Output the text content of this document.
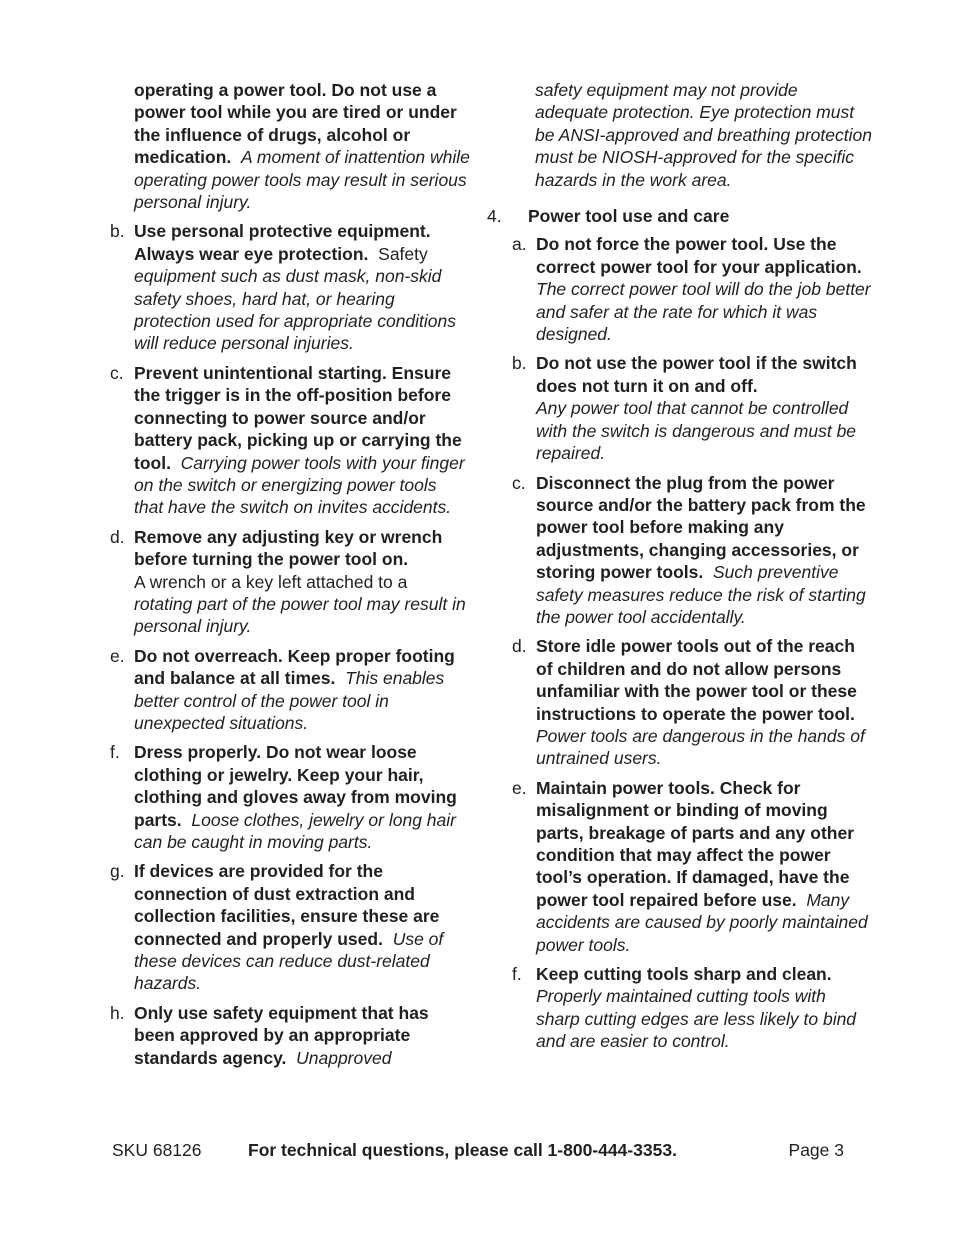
operating a power tool. Do not use a power tool while you are tired or under the influence of drugs, alcohol or medication. A moment of inattention while operating power tools may result in serious personal injury.
b. Use personal protective equipment. Always wear eye protection. Safety equipment such as dust mask, non-skid safety shoes, hard hat, or hearing protection used for appropriate conditions will reduce personal injuries.
c. Prevent unintentional starting. Ensure the trigger is in the off-position before connecting to power source and/or battery pack, picking up or carrying the tool. Carrying power tools with your finger on the switch or energizing power tools that have the switch on invites accidents.
d. Remove any adjusting key or wrench before turning the power tool on.
A wrench or a key left attached to a rotating part of the power tool may result in personal injury.
e. Do not overreach. Keep proper footing and balance at all times. This enables better control of the power tool in unexpected situations.
f. Dress properly. Do not wear loose clothing or jewelry. Keep your hair, clothing and gloves away from moving parts. Loose clothes, jewelry or long hair can be caught in moving parts.
g. If devices are provided for the connection of dust extraction and collection facilities, ensure these are connected and properly used. Use of these devices can reduce dust-related hazards.
h. Only use safety equipment that has been approved by an appropriate standards agency. Unapproved
safety equipment may not provide adequate protection. Eye protection must be ANSI-approved and breathing protection must be NIOSH-approved for the specific hazards in the work area.
4. Power tool use and care
a. Do not force the power tool. Use the correct power tool for your application.  The correct power tool will do the job better and safer at the rate for which it was designed.
b. Do not use the power tool if the switch does not turn it on and off.
Any power tool that cannot be controlled with the switch is dangerous and must be repaired.
c. Disconnect the plug from the power source and/or the battery pack from the power tool before making any adjustments, changing accessories, or storing power tools. Such preventive safety measures reduce the risk of starting the power tool accidentally.
d. Store idle power tools out of the reach of children and do not allow persons unfamiliar with the power tool or these instructions to operate the power tool.  Power tools are dangerous in the hands of untrained users.
e. Maintain power tools. Check for misalignment or binding of moving parts, breakage of parts and any other condition that may affect the power tool’s operation. If damaged, have the power tool repaired before use. Many accidents are caused by poorly maintained power tools.
f. Keep cutting tools sharp and clean.
Properly maintained cutting tools with sharp cutting edges are less likely to bind and are easier to control.
SKU 68126	For technical questions, please call 1-800-444-3353.	Page 3
